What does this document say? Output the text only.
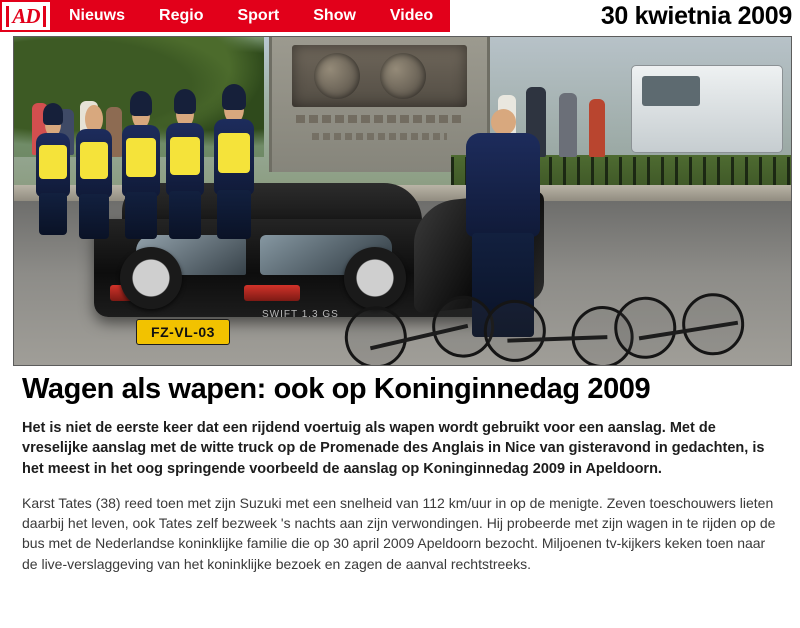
AD	Nieuws	Regio	Sport	Show	Video	30 kwietnia 2009
SWIFT 1.3 GS
FZ-VL-03
Wagen als wapen: ook op Koninginnedag 2009

Het is niet de eerste keer dat een rijdend voertuig als wapen wordt gebruikt voor een aanslag. Met de vreselijke aanslag met de witte truck op de Promenade des Anglais in Nice van gisteravond in gedachten, is het meest in het oog springende voorbeeld de aanslag op Koninginnedag 2009 in Apeldoorn.

Karst Tates (38) reed toen met zijn Suzuki met een snelheid van 112 km/uur in op de menigte. Zeven toeschouwers lieten daarbij het leven, ook Tates zelf bezweek 's nachts aan zijn verwondingen. Hij probeerde met zijn wagen in te rijden op de bus met de Nederlandse koninklijke familie die op 30 april 2009 Apeldoorn bezocht. Miljoenen tv-kijkers keken toen naar de live-verslaggeving van het koninklijke bezoek en zagen de aanval rechtstreeks.
